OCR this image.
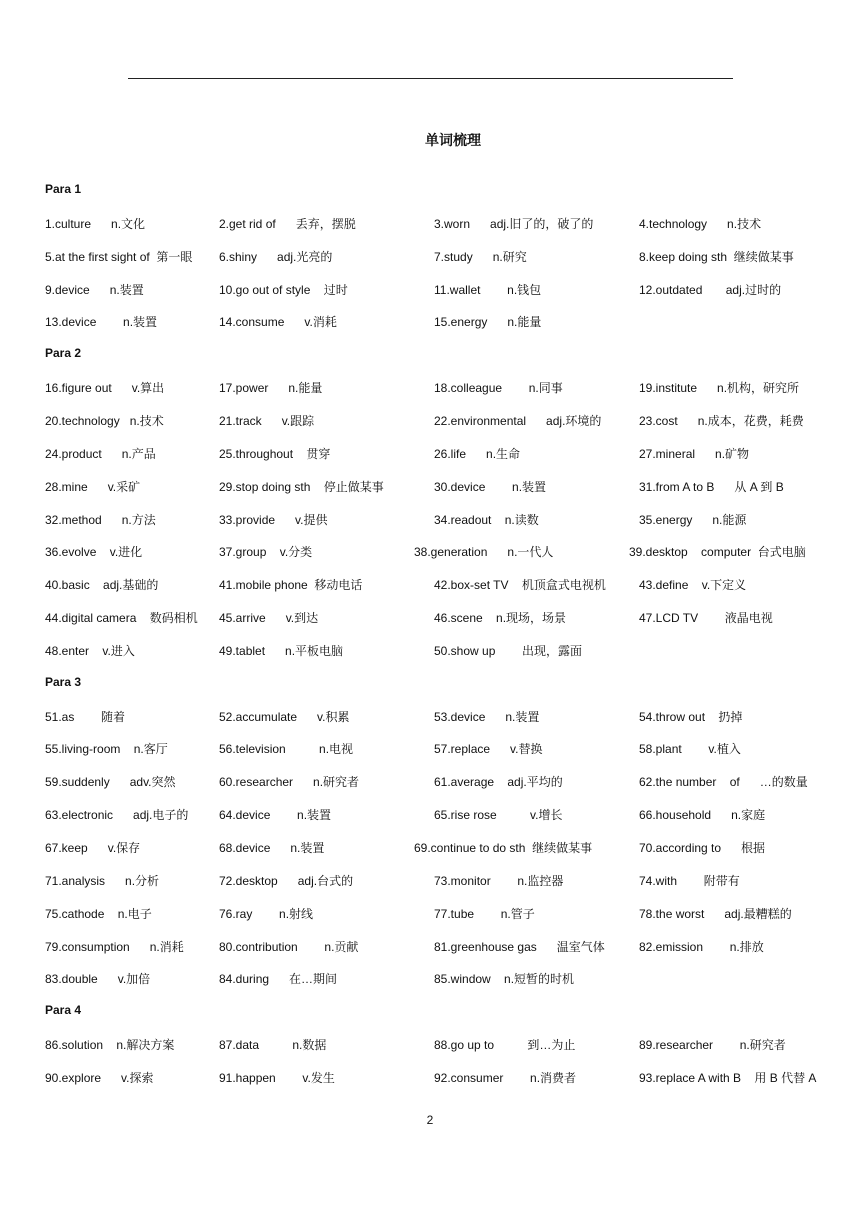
单词梳理
Para 1
1.culture      n.文化	2.get rid of      丢弃，摆脱	3.worn      adj.旧了的，破了的	4.technology      n.技术
5.at the first sight of  第一眼 6.shiny      adj.光亮的	7.study      n.研究	8.keep doing sth  继续做某事
9.device      n.装置	10.go out of style    过时	11.wallet        n.钱包	12.outdated       adj.过时的
13.device        n.装置	14.consume      v.消耗	15.energy      n.能量
Para 2
16.figure out      v.算出	17.power      n.能量	18.colleague        n.同事	19.institute      n.机构，研究所
20.technology   n.技术	21.track      v.跟踪	22.environmental      adj.环境的	23.cost      n.成本，花费，耗费
24.product      n.产品	25.throughout    贯穿	26.life      n.生命	27.mineral      n.矿物
28.mine      v.采矿	29.stop doing sth    停止做某事	30.device        n.装置	31.from A to B      从 A 到 B
32.method      n.方法	33.provide      v.提供	34.readout    n.读数	35.energy      n.能源
36.evolve    v.进化	37.group    v.分类	38.generation      n.一代人	39.desktop    computer  台式电脑
40.basic    adj.基础的	41.mobile phone  移动电话	42.box-set TV    机顶盒式电视机	43.define    v.下定义
44.digital camera    数码相机 45.arrive      v.到达	46.scene    n.现场，场景	47.LCD TV        液晶电视
48.enter    v.进入	49.tablet      n.平板电脑	50.show up        出现，露面
Para 3
51.as        随着	52.accumulate      v.积累	53.device      n.装置	54.throw out    扔掉
55.living-room    n.客厅	56.television          n.电视	57.replace      v.替换	58.plant        v.植入
59.suddenly      adv.突然	60.researcher      n.研究者	61.average    adj.平均的	62.the number    of      …的数量
63.electronic      adj.电子的	64.device        n.装置	65.rise rose          v.增长	66.household      n.家庭
67.keep      v.保存	68.device      n.装置	69.continue to do sth  继续做某事	70.according to      根据
71.analysis      n.分析	72.desktop      adj.台式的	73.monitor        n.监控器	74.with        附带有
75.cathode    n.电子	76.ray        n.射线	77.tube        n.管子	78.the worst      adj.最糟糕的
79.consumption      n.消耗	80.contribution        n.贡献	81.greenhouse gas      温室气体	82.emission        n.排放
83.double      v.加倍	84.during      在…期间	85.window    n.短暂的时机
Para 4
86.solution    n.解决方案	87.data          n.数据	88.go up to          到…为止	89.researcher        n.研究者
90.explore      v.探索	91.happen        v.发生	92.consumer        n.消费者	93.replace A with B    用 B 代替 A
2
